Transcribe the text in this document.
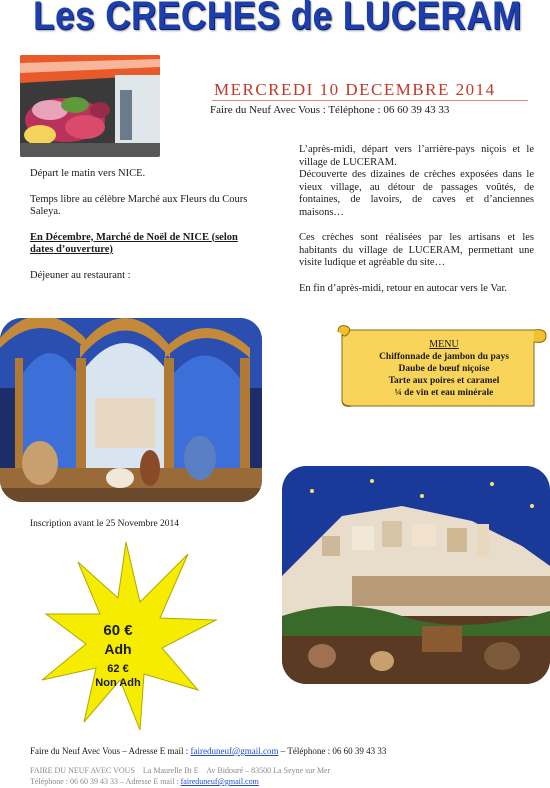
Les CRECHES de LUCERAM
MERCREDI 10 DECEMBRE 2014
Faire du Neuf Avec Vous : Téléphone : 06 60 39 43 33

Départ le matin vers NICE.

Temps libre au célèbre Marché aux Fleurs du Cours Saleya.

En Décembre, Marché de Noël de NICE (selon dates d’ouverture)

Déjeuner au restaurant :

L’après-midi, départ vers l’arrière-pays niçois et le village de LUCERAM.

Découverte des dizaines de crèches exposées dans le vieux village, au détour de passages voûtés, de fontaines, de lavoirs, de caves et d’anciennes maisons…

Ces crèches sont réalisées par les artisans et les habitants du village de LUCERAM, permettant une visite ludique et agréable du site…

En fin d’après-midi, retour en autocar vers le Var.

MENU
Chiffonnade de jambon du pays
Daube de bœuf niçoise
Tarte aux poires et caramel
¼ de vin et eau minérale
Inscription avant le 25 Novembre 2014
60 €
Adh
62 €
Non Adh
Faire du Neuf Avec Vous – Adresse E mail : faireduneuf@gmail.com – Téléphone : 06 60 39 43 33
FAIRE DU NEUF AVEC VOUS    La Maurelle Bt E    Av Bidouré – 83500 La Seyne sur Mer
Téléphone : 06 60 39 43 33 – Adresse E mail : faireduneuf@gmail.com
